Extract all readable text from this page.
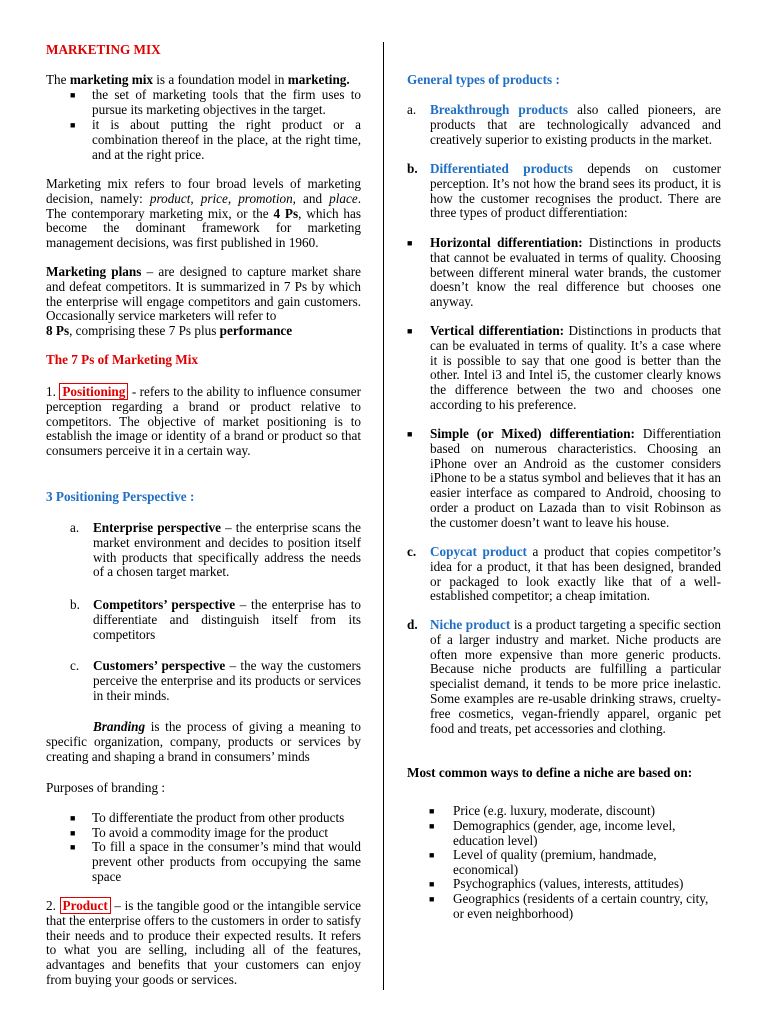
MARKETING MIX

The marketing mix is a foundation model in marketing.

■ the set of marketing tools that the firm uses to pursue its marketing objectives in the target.
■ it is about putting the right product or a combination thereof in the place, at the right time, and at the right price.

Marketing mix refers to four broad levels of marketing decision, namely: product, price, promotion, and place. The contemporary marketing mix, or the 4 Ps, which has become the dominant framework for marketing management decisions, was first published in 1960.

Marketing plans – are designed to capture market share and defeat competitors. It is summarized in 7 Ps by which the enterprise will engage competitors and gain customers. Occasionally service marketers will refer to
8 Ps, comprising these 7 Ps plus performance

The 7 Ps of Marketing Mix

1. Positioning - refers to the ability to influence consumer perception regarding a brand or product relative to competitors. The objective of market positioning is to establish the image or identity of a brand or product so that consumers perceive it in a certain way.

3 Positioning Perspective :

a. Enterprise perspective – the enterprise scans the market environment and decides to position itself with products that specifically address the needs of a chosen target market.
b. Competitors’ perspective – the enterprise has to differentiate and distinguish itself from its competitors
c. Customers’ perspective – the way the customers perceive the enterprise and its products or services in their minds.

Branding is the process of giving a meaning to specific organization, company, products or services by creating and shaping a brand in consumers’ minds

Purposes of branding :

■ To differentiate the product from other products
■ To avoid a commodity image for the product
■ To fill a space in the consumer’s mind that would prevent other products from occupying the same space

2. Product – is the tangible good or the intangible service that the enterprise offers to the customers in order to satisfy their needs and to produce their expected results. It refers to what you are selling, including all of the features, advantages and benefits that your customers can enjoy from buying your goods or services.

General types of products :

a. Breakthrough products also called pioneers, are products that are technologically advanced and creatively superior to existing products in the market.
b. Differentiated products depends on customer perception. It’s not how the brand sees its product, it is how the customer recognises the product. There are three types of product differentiation:
■ Horizontal differentiation: Distinctions in products that cannot be evaluated in terms of quality. Choosing between different mineral water brands, the customer doesn’t know the real difference but chooses one anyway.
■ Vertical differentiation: Distinctions in products that can be evaluated in terms of quality. It’s a case where it is possible to say that one good is better than the other. Intel i3 and Intel i5, the customer clearly knows the difference between the two and chooses one according to his preference.
■ Simple (or Mixed) differentiation: Differentiation based on numerous characteristics. Choosing an iPhone over an Android as the customer considers iPhone to be a status symbol and believes that it has an easier interface as compared to Android, choosing to order a product on Lazada than to visit Robinson as the customer doesn’t want to leave his house.
c. Copycat product a product that copies competitor’s idea for a product, it that has been designed, branded or packaged to look exactly like that of a well-established competitor; a cheap imitation.
d. Niche product is a product targeting a specific section of a larger industry and market. Niche products are often more expensive than more generic products. Because niche products are fulfilling a particular specialist demand, it tends to be more price inelastic. Some examples are re-usable drinking straws, cruelty-free cosmetics, vegan-friendly apparel, organic pet food and treats, pet accessories and clothing.

Most common ways to define a niche are based on:

■ Price (e.g. luxury, moderate, discount)
■ Demographics (gender, age, income level, education level)
■ Level of quality (premium, handmade, economical)
■ Psychographics (values, interests, attitudes)
■ Geographics (residents of a certain country, city, or even neighborhood)
